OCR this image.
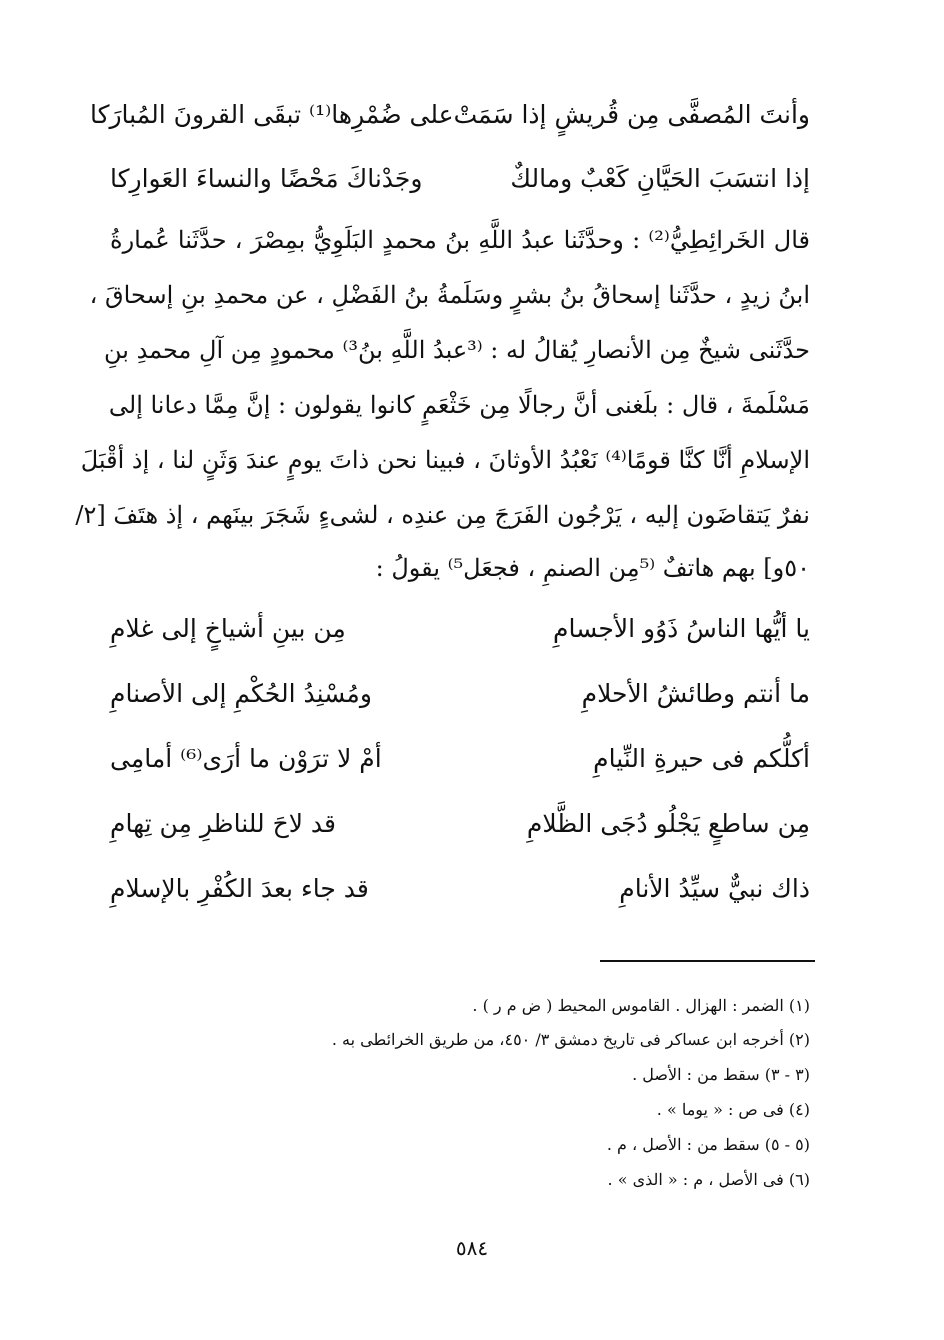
وأنتَ المُصفَّى مِن قُريشٍ إذا سَمَتْ
على ضُمْرِها⁽¹⁾ تبقَى القرونَ المُبارَكا
إذا انتسَبَ الحَيَّانِ كَعْبٌ ومالكٌ
وجَدْناكَ مَحْضًا والنساءَ العَوارِكا
قال الخَرائِطِيُّ⁽²⁾ : وحدَّثَنا عبدُ اللَّهِ بنُ محمدٍ البَلَوِيُّ بمِصْرَ ، حدَّثَنا عُمارةُ
ابنُ زيدٍ ، حدَّثَنا إسحاقُ بنُ بشرٍ وسَلَمةُ بنُ الفَضْلِ ، عن محمدِ بنِ إسحاقَ ،
حدَّثَنى شيخٌ مِن الأنصارِ يُقالُ له : ⁽³عبدُ اللَّهِ بنُ³⁾ محمودٍ مِن آلِ محمدِ بنِ
مَسْلَمةَ ، قال : بلَغنى أنَّ رجالًا مِن خَثْعَمٍ كانوا يقولون : إنَّ مِمَّا دعانا إلى
الإسلامِ أنَّا كنَّا قومًا⁽⁴⁾ نَعْبُدُ الأوثانَ ، فبينا نحن ذاتَ يومٍ عندَ وَثَنٍ لنا ، إذ أقْبَلَ
نفرٌ يَتقاضَون إليه ، يَرْجُون الفَرَجَ مِن عندِه ، لشىءٍ شَجَرَ بينَهم ، إذ هتَفَ [٢/
٥٠و] بهم هاتفٌ ⁽⁵مِن الصنمِ ، فجعَل⁵⁾ يقولُ :
يا أيُّها الناسُ ذَوُو الأجسامِ
مِن بينِ أشياخٍ إلى غلامِ
ما أنتم وطائشُ الأحلامِ
ومُسْنِدُ الحُكْمِ إلى الأصنامِ
أكلُّكم فى حيرةِ النِّيامِ
أمْ لا ترَوْن ما أرَى⁽⁶⁾ أمامِى
مِن ساطعٍ يَجْلُو دُجَى الظَّلامِ
قد لاحَ للناظرِ مِن تِهامِ
ذاك نبيٌّ سيِّدُ الأنامِ
قد جاء بعدَ الكُفْرِ بالإسلامِ
(١) الضمر : الهزال . القاموس المحيط ( ض م ر ) .
(٢) أخرجه ابن عساكر فى تاريخ دمشق ٣/ ٤٥٠، من طريق الخرائطى به .
(٣ - ٣) سقط من : الأصل .
(٤) فى ص : « يوما » .
(٥ - ٥) سقط من : الأصل ، م .
(٦) فى الأصل ، م : « الذى » .
٥٨٤
